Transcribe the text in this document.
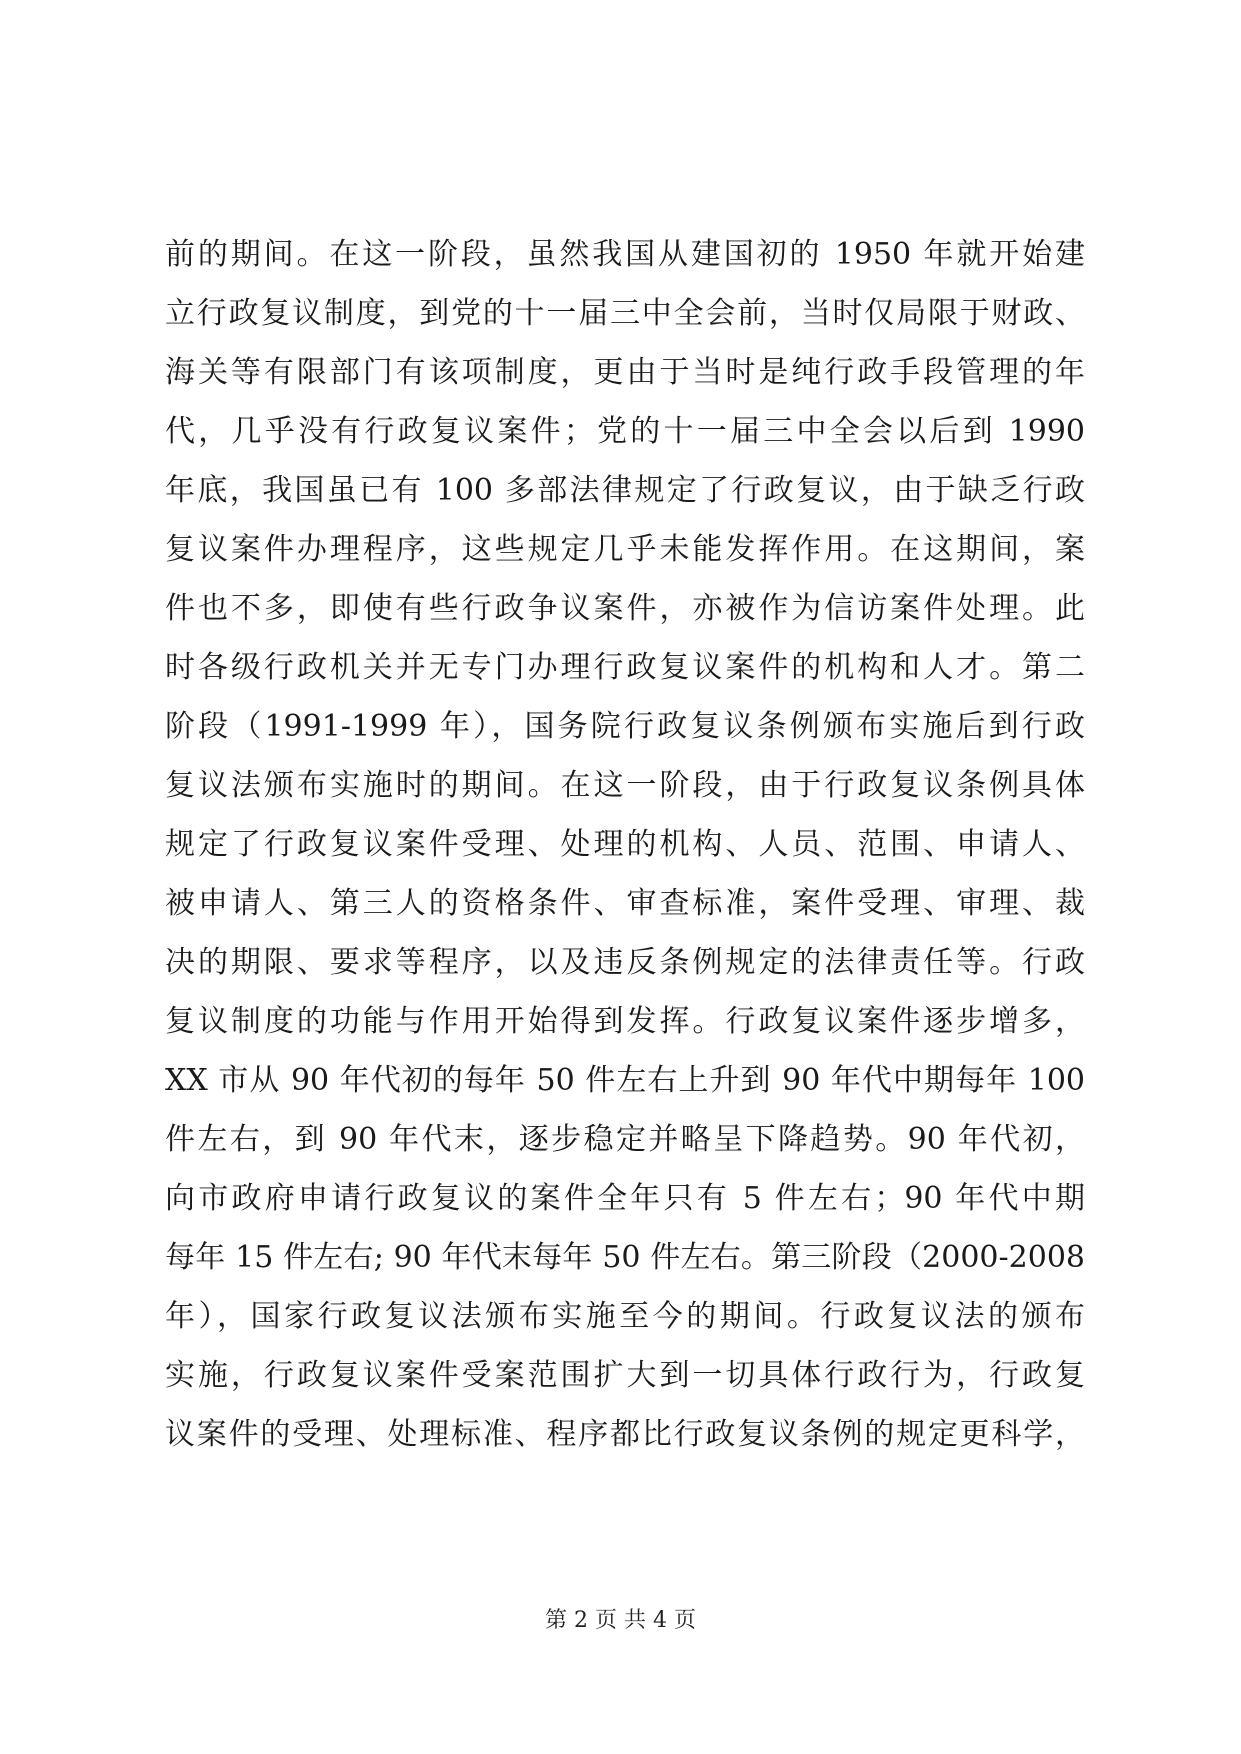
前的期间。在这一阶段，虽然我国从建国初的 1950 年就开始建
立行政复议制度，到党的十一届三中全会前，当时仅局限于财政、
海关等有限部门有该项制度，更由于当时是纯行政手段管理的年
代，几乎没有行政复议案件；党的十一届三中全会以后到 1990
年底，我国虽已有 100 多部法律规定了行政复议，由于缺乏行政
复议案件办理程序，这些规定几乎未能发挥作用。在这期间，案
件也不多，即使有些行政争议案件，亦被作为信访案件处理。此
时各级行政机关并无专门办理行政复议案件的机构和人才。第二
阶段（1991-1999 年），国务院行政复议条例颁布实施后到行政
复议法颁布实施时的期间。在这一阶段，由于行政复议条例具体
规定了行政复议案件受理、处理的机构、人员、范围、申请人、
被申请人、第三人的资格条件、审查标准，案件受理、审理、裁
决的期限、要求等程序，以及违反条例规定的法律责任等。行政
复议制度的功能与作用开始得到发挥。行政复议案件逐步增多，
XX 市从 90 年代初的每年 50 件左右上升到 90 年代中期每年 100
件左右，到 90 年代末，逐步稳定并略呈下降趋势。90 年代初，
向市政府申请行政复议的案件全年只有 5 件左右；90 年代中期
每年 15 件左右; 90 年代末每年 50 件左右。第三阶段（2000-2008
年），国家行政复议法颁布实施至今的期间。行政复议法的颁布
实施，行政复议案件受案范围扩大到一切具体行政行为，行政复
议案件的受理、处理标准、程序都比行政复议条例的规定更科学，
第 2 页 共 4 页
